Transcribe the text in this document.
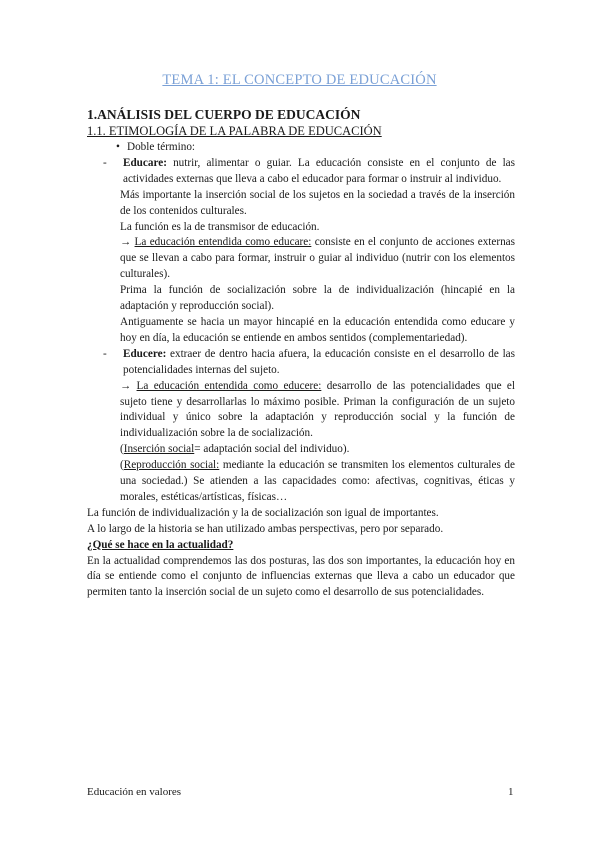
TEMA 1: EL CONCEPTO DE EDUCACIÓN
1.ANÁLISIS DEL CUERPO DE EDUCACIÓN
1.1. ETIMOLOGÍA DE LA PALABRA DE EDUCACIÓN

• Doble término:

- Educare: nutrir, alimentar o guiar. La educación consiste en el conjunto de las actividades externas que lleva a cabo el educador para formar o instruir al individuo.

Más importante la inserción social de los sujetos en la sociedad a través de la inserción de los contenidos culturales.

La función es la de transmisor de educación.

→ La educación entendida como educare: consiste en el conjunto de acciones externas que se llevan a cabo para formar, instruir o guiar al individuo (nutrir con los elementos culturales).

Prima la función de socialización sobre la de individualización (hincapié en la adaptación y reproducción social).

Antiguamente se hacia un mayor hincapié en la educación entendida como educare y hoy en día, la educación se entiende en ambos sentidos (complementariedad).

- Educere: extraer de dentro hacia afuera, la educación consiste en el desarrollo de las potencialidades internas del sujeto.

→ La educación entendida como educere: desarrollo de las potencialidades que el sujeto tiene y desarrollarlas lo máximo posible. Priman la configuración de un sujeto individual y único sobre la adaptación y reproducción social y la función de individualización sobre la de socialización.

(Inserción social= adaptación social del individuo).

(Reproducción social: mediante la educación se transmiten los elementos culturales de una sociedad.) Se atienden a las capacidades como: afectivas, cognitivas, éticas y morales, estéticas/artísticas, físicas…

La función de individualización y la de socialización son igual de importantes.

A lo largo de la historia se han utilizado ambas perspectivas, pero por separado.

¿Qué se hace en la actualidad?

En la actualidad comprendemos las dos posturas, las dos son importantes, la educación hoy en día se entiende como el conjunto de influencias externas que lleva a cabo un educador que permiten tanto la inserción social de un sujeto como el desarrollo de sus potencialidades.

Educación en valores	1
